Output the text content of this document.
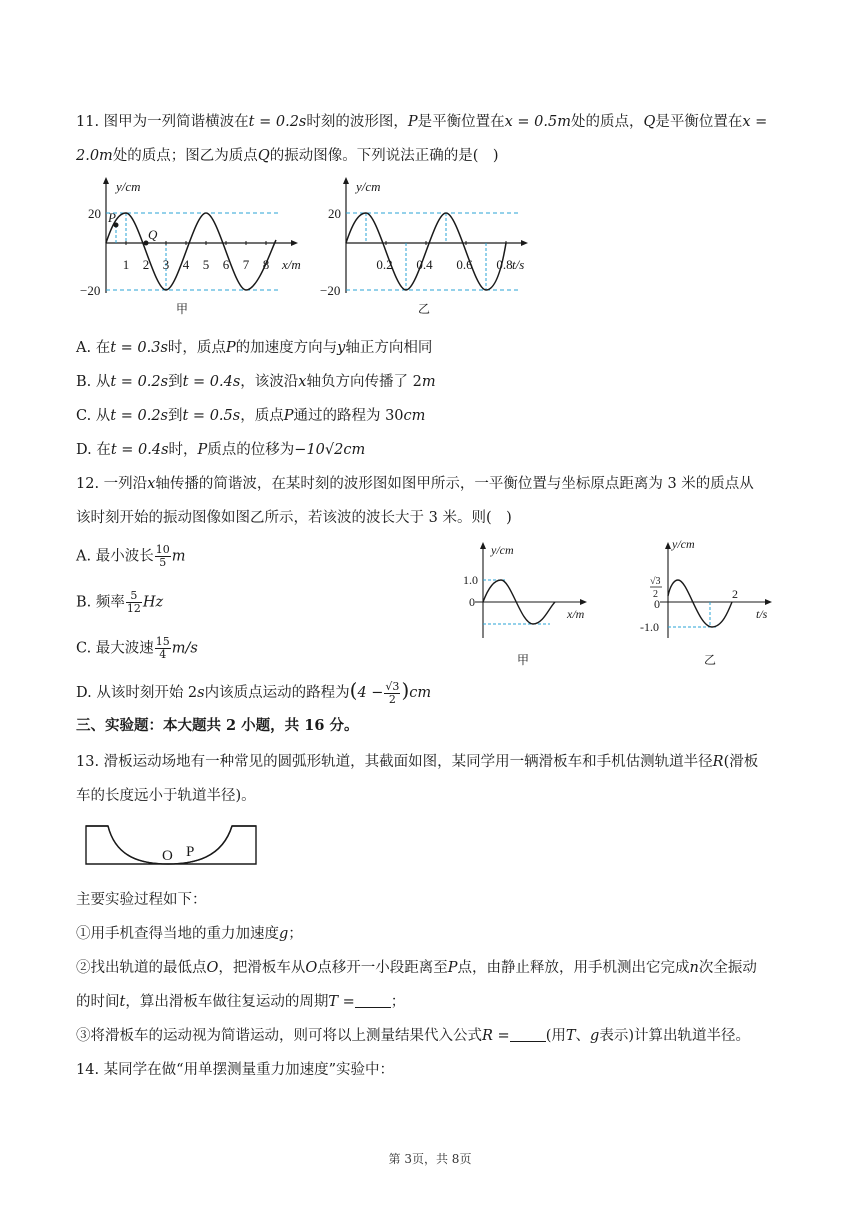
11. 图甲为一列简谐横波在t = 0.2s时刻的波形图，P是平衡位置在x = 0.5m处的质点，Q是平衡位置在x =
2.0m处的质点；图乙为质点Q的振动图像。下列说法正确的是(　)
y/cm
20
−20
P
Q
x/m
1 2 3 4 5 6 7 8
甲
y/cm
20
−20
t/s
0.2 0.4 0.6 0.8
乙
A. 在t = 0.3s时，质点P的加速度方向与y轴正方向相同
B. 从t = 0.2s到t = 0.4s，该波沿x轴负方向传播了 2m
C. 从t = 0.2s到t = 0.5s，质点P通过的路程为 30cm
D. 在t = 0.4s时，P质点的位移为−10√2cm
12. 一列沿x轴传播的简谐波，在某时刻的波形图如图甲所示，一平衡位置与坐标原点距离为 3 米的质点从
该时刻开始的振动图像如图乙所示，若该波的波长大于 3 米。则(　)
A. 最小波长 $\frac{10}{5}$ m
B. 频率 $\frac{5}{12}$ Hz
C. 最大波速 $\frac{15}{4} m/s$
D. 从该时刻开始 2s内该质点运动的路程为$(4 - \frac{√3}{2} )cm$
y/cm
1.0
0
x/m
甲
y/cm
√3
2
0
-1.0
2
t/s
乙
三、实验题：本大题共 2 小题，共 16 分。
13. 滑板运动场地有一种常见的圆弧形轨道，其截面如图，某同学用一辆滑板车和手机估测轨道半径R(滑板
车的长度远小于轨道半径)。
O P
主要实验过程如下：
①用手机查得当地的重力加速度g；
②找出轨道的最低点O，把滑板车从O点移开一小段距离至P点，由静止释放，用手机测出它完成n次全振动
的时间t，算出滑板车做往复运动的周期T = ；
③将滑板车的运动视为简谐运动，则可将以上测量结果代入公式R = (用T、g表示)计算出轨道半径。
14. 某同学在做“用单摆测量重力加速度”实验中：
第 3页，共 8页
